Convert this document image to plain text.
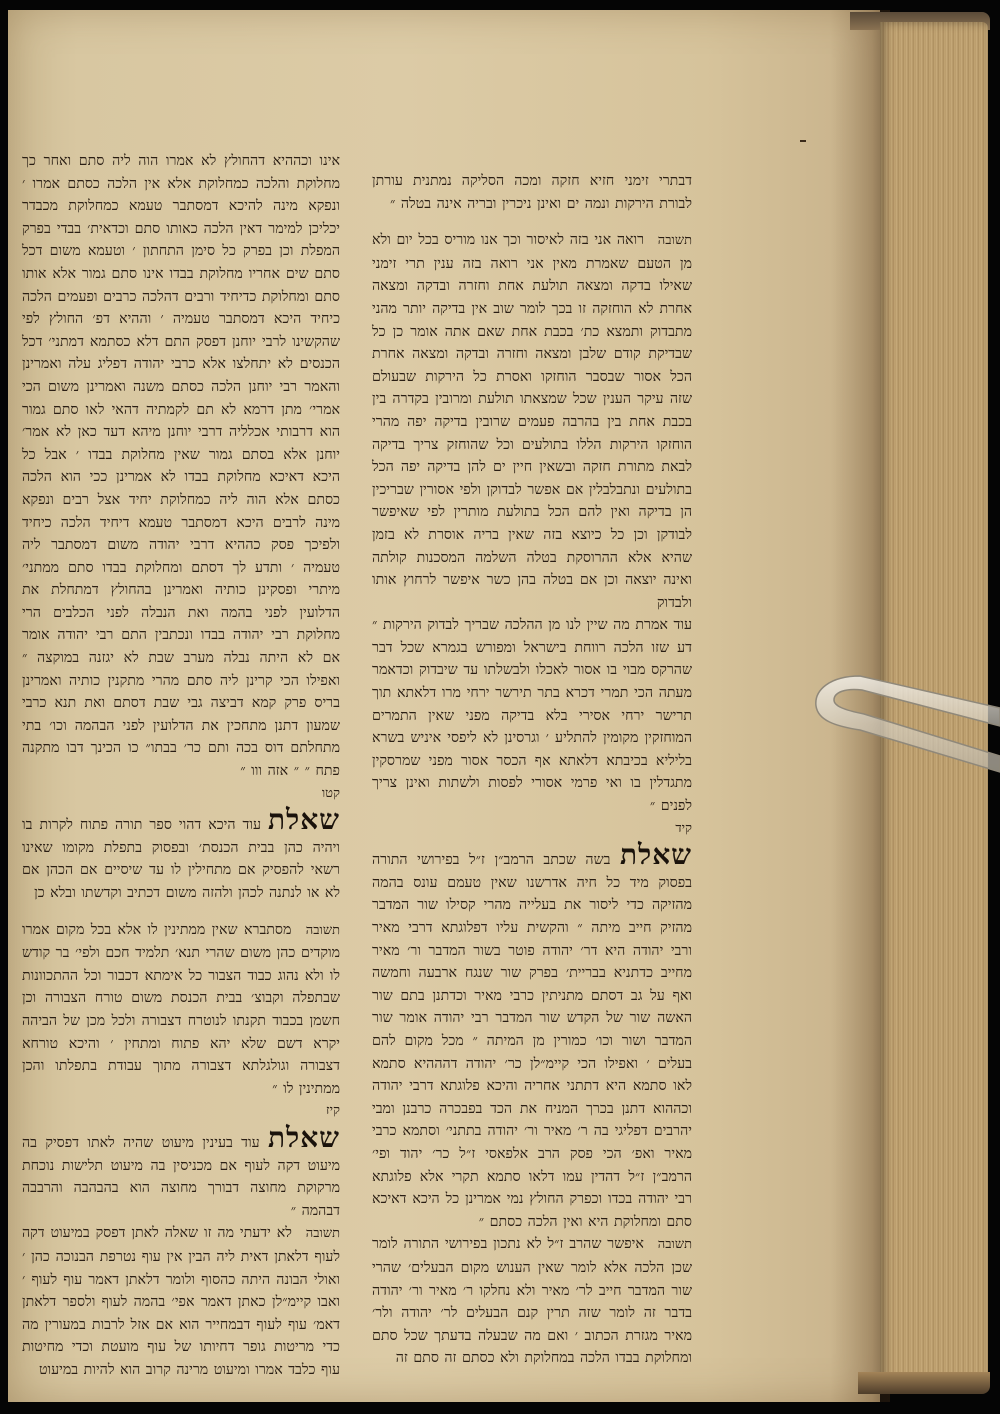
דבתרי זימני חזיא חזקה ומכה הסליקה נמתנית עורתן לבורת הירקות ונמה ים ואינן ניכרין ובריה אינה בטלה ״

תשובה רואה אני בזה לאיסור וכך אנו מוריס בכל יום ולא מן הטעם שאמרת מאין אני רואה בזה ענין תרי זימני שאילו בדקה ומצאה תולעת אחת וחזרה ובדקה ומצאה אחרת לא הוחזקה זו בכך לומר שוב אין בדיקה יותר מהני מתבדוק ותמצא כת׳ בכבת אחת שאם אתה אומר כן כל שבדיקת קודם שלבן ומצאה וחזרה ובדקה ומצאה אחרת הכל אסור שבסבר הוחזקו ואסרת כל הירקות שבעולם שזה עיקר הענין שכל שמצאתו תולעת ומרובין בקדרה בין בכבת אחת בין בהרבה פעמים שרובין בדיקה יפה מהרי הוחזקו הירקות הללו בתולעים וכל שהוחזק צריך בדיקה לבאת מתורת חזקה ובשאין חיין ים להן בדיקה יפה הכל בתולעים ונתבלבלין אם אפשר לבדוקן ולפי אסורין שבריכין הן בדיקה ואין להם הכל בתולעת מותרין לפי שאיפשר לבודקן וכן כל כיוצא בזה שאין בריה אוסרת לא בזמן שהיא אלא ההרוסקת בטלה השלמה המסכנות קולתה ואינה יוצאה וכן אם בטלה בהן כשר איפשר לרחוץ אותו ולבדוק

עוד אמרת מה שיין לנו מן ההלכה שבריך לבדוק הירקות ״ דע שזו הלכה רווחת בישראל ומפורש בגמרא שכל דבר שהרקס מבוי בו אסור לאכלו ולבשלתו עד שיבדוק וכדאמר מעתה הכי תמרי דכרא בתר תירשר ירחי מרו דלאתא תוך תרישר ירחי אסירי בלא בדיקה מפני שאין התמרים המוחזקין מקומין להתליע ׳ וגרסינן לא ליפסי איניש בשרא בליליא בכיבתא דלאתא אף הכסר אסור מפני שמרסקין מתגדלין בו ואי פרמי אסורי לפסות ולשתות ואינן צריך לפנים ״

קיד

שאלת בשה שכתב הרמב״ן ז״ל בפירושי התורה בפסוק מיד כל חיה אדרשנו שאין טעמם עונס בהמה מהזיקה כדי ליסור את בעלייה מהרי קסילו שור המדבר מהזיק חייב מיתה ״ והקשית עליו דפלוגתא דרבי מאיר ורבי יהודה היא דר׳ יהודה פוטר בשור המדבר ור׳ מאיר מחייב כדתניא בבריית׳ בפרק שור שנגח ארבעה וחמשה ואף על גב דסתם מתניתין כרבי מאיר וכדתנן בתם שור האשה שור של הקדש שור המדבר רבי יהודה אומר שור המדבר ושור וכו׳ כמורין מן המיתה ״ מכל מקום להם בעלים ׳ ואפילו הכי קיימ״לן כר׳ יהודה דהההיא סתמא לאו סתמא היא דתתני אחריה והיכא פלוגתא דרבי יהודה וכההוא דתנן בכרך המניח את הכד בפבכרה כרבנן ומבי יהרבים דפליגי בה ר׳ מאיר ור׳ יהודה בתתני׳ וסתמא כרבי מאיר ואפ׳ הכי פסק הרב אלפאסי ז״ל כר׳ יהוד ופי׳ הרמב״ן ז״ל דהדין עמו דלאו סתמא תקרי אלא פלוגתא רבי יהודה בכדו וכפרק החולץ נמי אמרינן כל היכא דאיכא סתם ומחלוקת היא ואין הלכה כסתם ״

תשובה איפשר שהרב ז״ל לא נתכון בפירושי התורה לומר שכן הלכה אלא לומר שאין הענוש מקום הבעלים׳ שהרי שור המדבר חייב לר׳ מאיר ולא נחלקו ר׳ מאיר ור׳ יהודה בדבר זה לומר שזה תרין קנם הבעלים לר׳ יהודה ולר׳ מאיר מגזרת הכתוב ׳ ואם מה שבעלה בדעתך שכל סתם ומחלוקת בבדו הלכה במחלוקת ולא כסתם זה סתם זה

אינו וכההיא דהחולץ לא אמרו הוה ליה סתם ואחר כך מחלוקת והלכה כמחלוקת אלא אין הלכה כסתם אמרו ׳ ונפקא מינה להיכא דמסתבר טעמא כמחלוקת מכבדר יכליכן למימר דאין הלכה כאותו סתם וכדאית׳ בבדי בפרק המפלת וכן בפרק כל סימן התחתון ׳ וטעמא משום דכל סתם שים אחריו מחלוקת בבדו אינו סתם גמור אלא אותו סתם ומחלוקת כדיחיד ורבים דהלכה כרבים ופעמים הלכה כיחיד היכא דמסתבר טעמיה ׳ וההיא דפ׳ החולץ לפי שהקשינו לרבי יוחנן דפסק התם דלא כסתמא דמתני׳ דכל הכנסים לא יתחלצו אלא כרבי יהודה דפליג עלה ואמרינן והאמר רבי יוחנן הלכה כסתם משנה ואמרינן משום הכי אמרי׳ מתן דרמא לא תם לקמתיה דהאי לאו סתם גמור הוא דרבותי אכלליה דרבי יוחנן מיהא דעד כאן לא אמר׳ יוחנן אלא בסתם גמור שאין מחלוקת בבדו ׳ אבל כל היכא דאיכא מחלוקת בבדו לא אמרינן ככי הוא הלכה כסתם אלא הוה ליה כמחלוקת יחיד אצל רבים ונפקא מינה לרבים היכא דמסתבר טעמא דיחיד הלכה כיחיד ולפיכך פסק כההיא דרבי יהודה משום דמסתבר ליה טעמיה ׳ ותדע לך דסתם ומחלוקת בבדו סתם ממתני׳ מיתרי ופסקינן כותיה ואמרינן בהחולץ דמתחלת את הדלועין לפני בהמה ואת הנבלה לפני הכלבים הרי מחלוקת רבי יהודה בבדו ונכתבין התם רבי יהודה אומר אם לא היתה נבלה מערב שבת לא יגזנה במוקצה ״ ואפילו הכי קרינן ליה סתם מהרי מתקנין כותיה ואמרינן בריס פרק קמא דביצה גבי שבת דסתם ואת תנא כרבי שמעון דתנן מתחכין את הדלועין לפני הבהמה וכו׳ בתי מתחלתם דוס בכה ותם כר׳ בבתו״ כו הכינך דבו מתקנה פתח ״ ״ אזה ווו ״

קטו

שאלת עוד היכא דהוי ספר תורה פתוח לקרות בו ויהיה כהן בבית הכנסת׳ ובפסוק בתפלת מקומו שאינו רשאי להפסיק אם מתחילין לו עד שיסיים אם הכהן אם לא או לנתנה לכהן ולהזה משום דכתיב וקדשתו ובלא כן

תשובה מסתברא שאין ממתינין לו אלא בכל מקום אמרו מוקדים כהן משום שהרי תנא׳ תלמיד חכם ולפי׳ בר קודש לו ולא נהוג כבוד הצבור כל אימתא דכבור וכל ההתכוונות שבתפלה וקבוצ׳ בבית הכנסת משום טורח הצבורה וכן חשמן בכבוד תקנתו לנוטרח דצבורה ולכל מכן של הביהה יקרא דשם שלא יהא פתוח ומתחין ׳ והיכא טורחא דצבורה וגולגלתא דצבורה מתוך עבודת בתפלתו והכן ממתינין לו ״

קיז

שאלת עוד בעינין מיעוט שהיה לאתו דפסיק בה מיעוט דקה לעוף אם מכניסין בה מיעוט תלישות נוכחת מרקוקת מחוצה דבורך מחוצה הוא בהבהבה והרבבה דבהמה ״

תשובה לא ידעתי מה זו שאלה לאתן דפסק במיעוט דקה לעוף דלאתן דאית ליה הבין אין עוף נטרפת הבנוכה כהן ׳ ואולי הבונה היתה כהסוף ולומר דלאתן דאמר עוף לעוף ׳ ואבו קיימ״לן כאתן דאמר אפי׳ בהמה לעוף ולספר דלאתן דאמ׳ עוף לעוף דבמחייר הוא אם אזל לרבות במעורין מה כדי מריטות גופר דחיותו של עוף מועטת וכדי מחיטות עוף כלבד אמרו ומיעוט מרינה קרוב הוא להיות במיעוט
